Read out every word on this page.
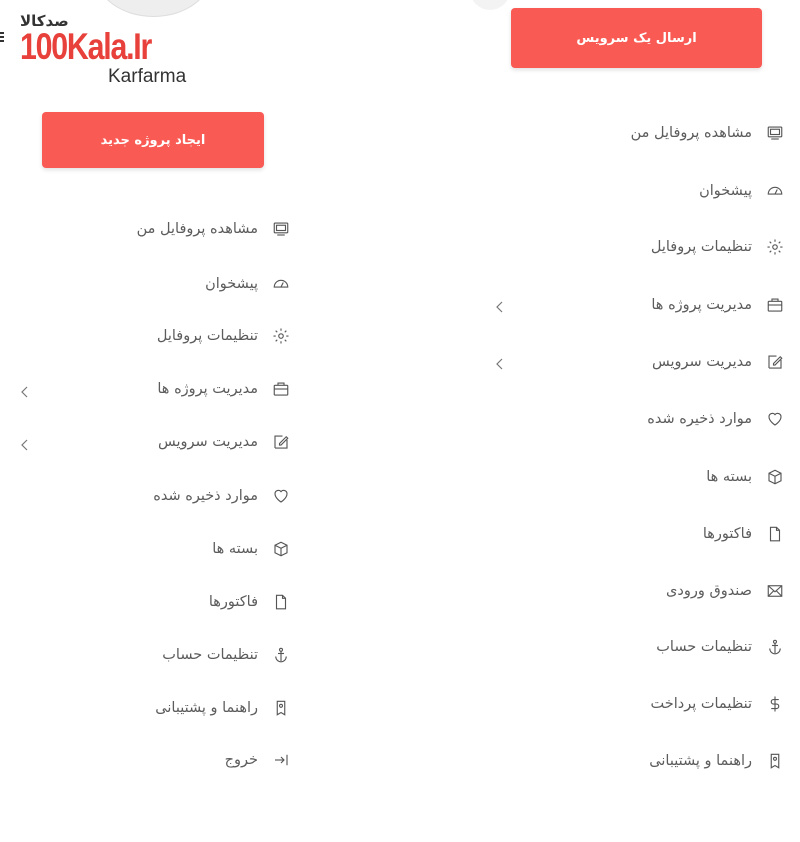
صدکالا
100Kala.Ir
Karfarma
ایجاد پروژه جدید
ارسال یک سرویس
مشاهده پروفایل من
پیشخوان
تنظیمات پروفایل
مدیریت پروژه ها
مدیریت سرویس
موارد ذخیره شده
بسته ها
فاکتورها
تنظیمات حساب
راهنما و پشتیبانی
خروج
مشاهده پروفایل من
پیشخوان
تنظیمات پروفایل
مدیریت پروژه ها
مدیریت سرویس
موارد ذخیره شده
بسته ها
فاکتورها
صندوق ورودی
تنظیمات حساب
تنظیمات پرداخت
راهنما و پشتیبانی
